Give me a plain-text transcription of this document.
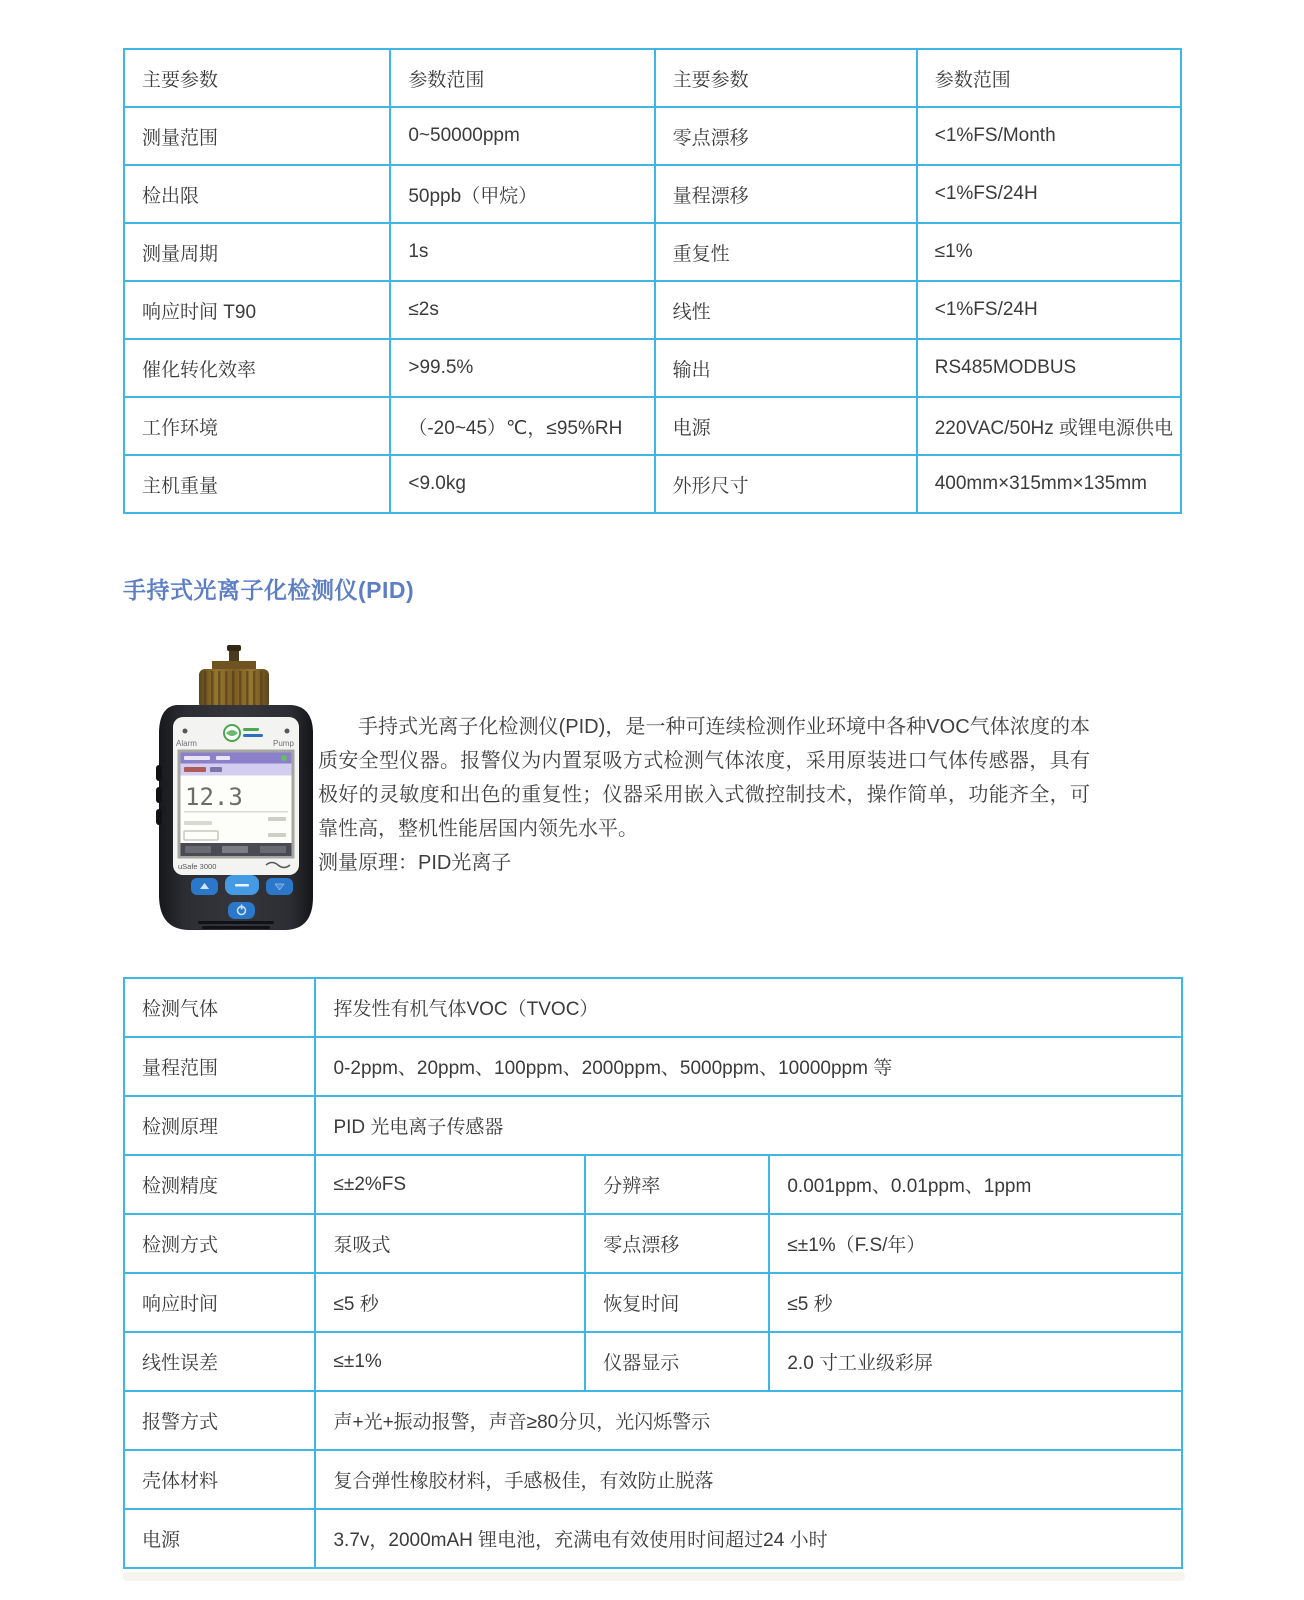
主要参数	参数范围	主要参数	参数范围
测量范围	0~50000ppm	零点漂移	<1%FS/Month
检出限	50ppb（甲烷）	量程漂移	<1%FS/24H
测量周期	1s	重复性	≤1%
响应时间 T90	≤2s	线性	<1%FS/24H
催化转化效率	>99.5%	输出	RS485MODBUS
工作环境	（-20~45）℃，≤95%RH	电源	220VAC/50Hz 或锂电源供电
主机重量	<9.0kg	外形尺寸	400mm×315mm×135mm
手持式光离子化检测仪(PID)
Alarm	Pump
12.3
uSafe 3000

手持式光离子化检测仪(PID)，是一种可连续检测作业环境中各种VOC气体浓度的本质安全型仪器。报警仪为内置泵吸方式检测气体浓度，采用原装进口气体传感器，具有极好的灵敏度和出色的重复性；仪器采用嵌入式微控制技术，操作简单，功能齐全，可靠性高，整机性能居国内领先水平。

测量原理：PID光离子

检测气体	挥发性有机气体VOC（TVOC）		
量程范围	0-2ppm、20ppm、100ppm、2000ppm、5000ppm、10000ppm 等		
检测原理	PID 光电离子传感器		
检测精度	≤±2%FS	分辨率	0.001ppm、0.01ppm、1ppm
检测方式	泵吸式	零点漂移	≤±1%（F.S/年）
响应时间	≤5 秒	恢复时间	≤5 秒
线性误差	≤±1%	仪器显示	2.0 寸工业级彩屏
报警方式	声+光+振动报警，声音≥80分贝，光闪烁警示		
壳体材料	复合弹性橡胶材料，手感极佳，有效防止脱落		
电源	3.7v，2000mAH 锂电池，充满电有效使用时间超过24 小时		
